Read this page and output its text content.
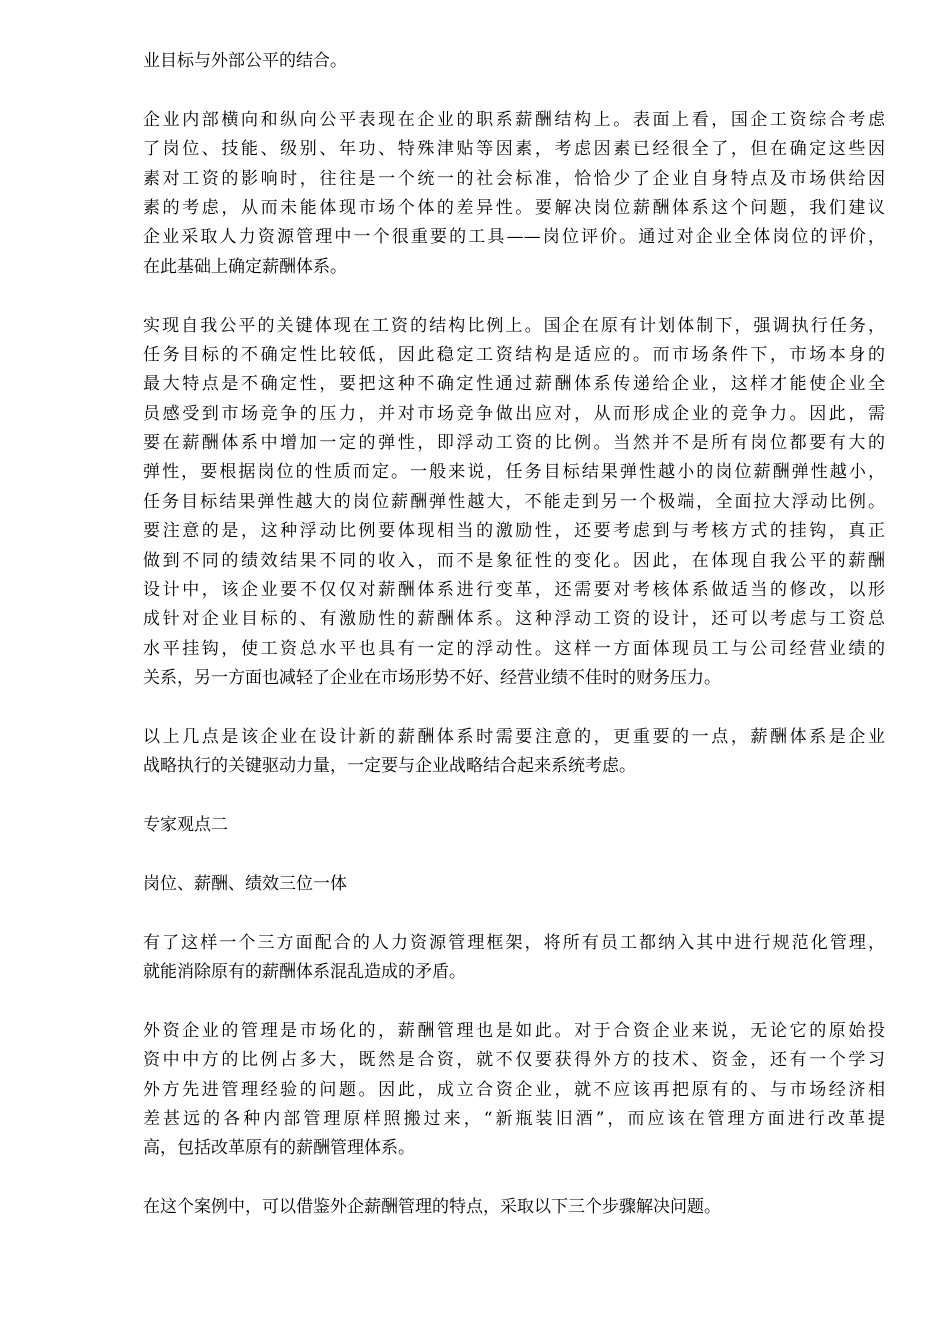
业目标与外部公平的结合。
企业内部横向和纵向公平表现在企业的职系薪酬结构上。表面上看，国企工资综合考虑
了岗位、技能、级别、年功、特殊津贴等因素，考虑因素已经很全了，但在确定这些因
素对工资的影响时，往往是一个统一的社会标准，恰恰少了企业自身特点及市场供给因
素的考虑，从而未能体现市场个体的差异性。要解决岗位薪酬体系这个问题，我们建议
企业采取人力资源管理中一个很重要的工具——岗位评价。通过对企业全体岗位的评价，
在此基础上确定薪酬体系。
实现自我公平的关键体现在工资的结构比例上。国企在原有计划体制下，强调执行任务，
任务目标的不确定性比较低，因此稳定工资结构是适应的。而市场条件下，市场本身的
最大特点是不确定性，要把这种不确定性通过薪酬体系传递给企业，这样才能使企业全
员感受到市场竞争的压力，并对市场竞争做出应对，从而形成企业的竞争力。因此，需
要在薪酬体系中增加一定的弹性，即浮动工资的比例。当然并不是所有岗位都要有大的
弹性，要根据岗位的性质而定。一般来说，任务目标结果弹性越小的岗位薪酬弹性越小，
任务目标结果弹性越大的岗位薪酬弹性越大，不能走到另一个极端，全面拉大浮动比例。
要注意的是，这种浮动比例要体现相当的激励性，还要考虑到与考核方式的挂钩，真正
做到不同的绩效结果不同的收入，而不是象征性的变化。因此，在体现自我公平的薪酬
设计中，该企业要不仅仅对薪酬体系进行变革，还需要对考核体系做适当的修改，以形
成针对企业目标的、有激励性的薪酬体系。这种浮动工资的设计，还可以考虑与工资总
水平挂钩，使工资总水平也具有一定的浮动性。这样一方面体现员工与公司经营业绩的
关系，另一方面也减轻了企业在市场形势不好、经营业绩不佳时的财务压力。
以上几点是该企业在设计新的薪酬体系时需要注意的，更重要的一点，薪酬体系是企业
战略执行的关键驱动力量，一定要与企业战略结合起来系统考虑。
专家观点二
岗位、薪酬、绩效三位一体
有了这样一个三方面配合的人力资源管理框架，将所有员工都纳入其中进行规范化管理，
就能消除原有的薪酬体系混乱造成的矛盾。
外资企业的管理是市场化的，薪酬管理也是如此。对于合资企业来说，无论它的原始投
资中中方的比例占多大，既然是合资，就不仅要获得外方的技术、资金，还有一个学习
外方先进管理经验的问题。因此，成立合资企业，就不应该再把原有的、与市场经济相
差甚远的各种内部管理原样照搬过来，“新瓶装旧酒”，而应该在管理方面进行改革提
高，包括改革原有的薪酬管理体系。
在这个案例中，可以借鉴外企薪酬管理的特点，采取以下三个步骤解决问题。
